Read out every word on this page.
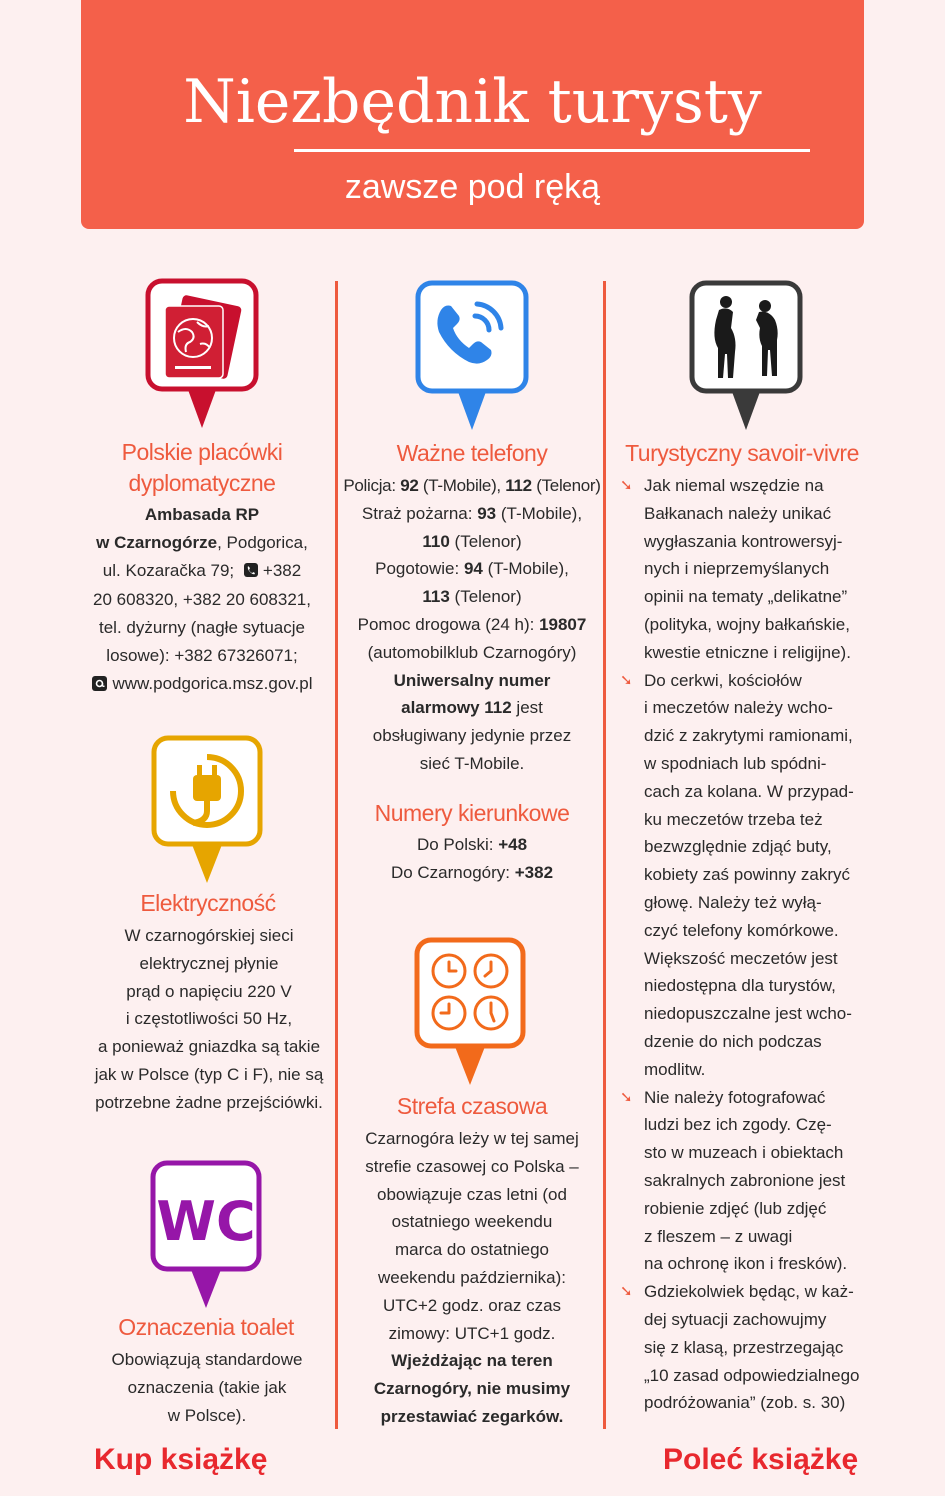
Niezbędnik turysty
zawsze pod ręką
Polskie placówki
dyplomatyczne
Ambasada RP
w Czarnogórze, Podgorica,
ul. Kozaračka 79; +382
20 608320, +382 20 608321,
tel. dyżurny (nagłe sytuacje
losowe): +382 67326071;
www.podgorica.msz.gov.pl
Elektryczność
W czarnogórskiej sieci
elektrycznej płynie
prąd o napięciu 220 V
i częstotliwości 50 Hz,
a ponieważ gniazdka są takie
jak w Polsce (typ C i F), nie są
potrzebne żadne przejściówki.
WC
Oznaczenia toalet
Obowiązują standardowe
oznaczenia (takie jak
w Polsce).
Ważne telefony
Policja: 92 (T-Mobile), 112 (Telenor)
Straż pożarna: 93 (T-Mobile),
110 (Telenor)
Pogotowie: 94 (T-Mobile),
113 (Telenor)
Pomoc drogowa (24 h): 19807
(automobilklub Czarnogóry)
Uniwersalny numer
alarmowy 112 jest
obsługiwany jedynie przez
sieć T-Mobile.
Numery kierunkowe
Do Polski: +48
Do Czarnogóry: +382
Strefa czasowa
Czarnogóra leży w tej samej
strefie czasowej co Polska –
obowiązuje czas letni (od
ostatniego weekendu
marca do ostatniego
weekendu października):
UTC+2 godz. oraz czas
zimowy: UTC+1 godz.
Wjeżdżając na teren
Czarnogóry, nie musimy
przestawiać zegarków.
Turystyczny savoir-vivre
➘ Jak niemal wszędzie na
Bałkanach należy unikać
wygłaszania kontrowersyj-
nych i nieprzemyślanych
opinii na tematy „delikatne”
(polityka, wojny bałkańskie,
kwestie etniczne i religijne).
➘ Do cerkwi, kościołów
i meczetów należy wcho-
dzić z zakrytymi ramionami,
w spodniach lub spódni-
cach za kolana. W przypad-
ku meczetów trzeba też
bezwzględnie zdjąć buty,
kobiety zaś powinny zakryć
głowę. Należy też wyłą-
czyć telefony komórkowe.
Większość meczetów jest
niedostępna dla turystów,
niedopuszczalne jest wcho-
dzenie do nich podczas
modlitw.
➘ Nie należy fotografować
ludzi bez ich zgody. Czę-
sto w muzeach i obiektach
sakralnych zabronione jest
robienie zdjęć (lub zdjęć
z fleszem – z uwagi
na ochronę ikon i fresków).
➘ Gdziekolwiek będąc, w każ-
dej sytuacji zachowujmy
się z klasą, przestrzegając
„10 zasad odpowiedzialnego
podróżowania” (zob. s. 30)
Kup książkę	Poleć książkę
